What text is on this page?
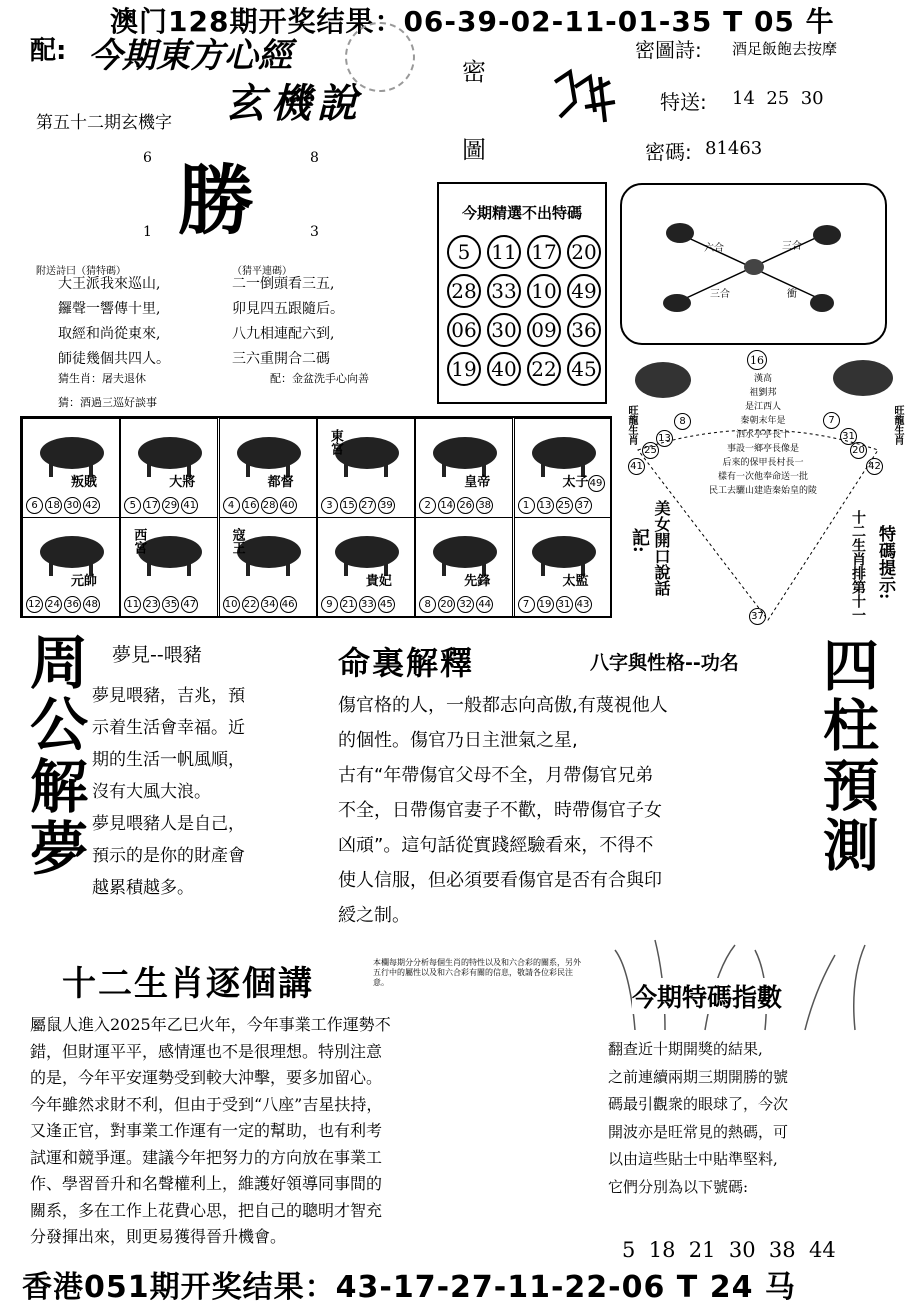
澳门128期开奖结果：06-39-02-11-01-35 T 05 牛
香港051期开奖结果：43-17-27-11-22-06 T 24 马
配: 今期東方心經
玄機說
密
圖
密圖詩: 酒足飯飽去按摩
特送: 14  25  30
密碼: 81463
第五十二期玄機字
6	8
1	3
勝
附送詩曰（猜特碼）
大王派我來巡山,
鑼聲一響傳十里,
取經和尚從東來,
師徒幾個共四人。
猜生肖：屠夫退休
猜：酒過三巡好談事
（猜平連碼）
二一倒頭看三五,
卯見四五跟隨后。
八九相連配六到,
三六重開合二碼
配：金盆洗手心向善
今期精選不出特碼
5	11 17 20
28 33 10 49
06 30 09 36
19 40 22 45
六合	三合
三合	衝
叛賊
6 18 30 42
大將
5 17 29 41
都督
4 16 28 40
東宮
3 15 27 39
皇帝
2 14 26 38
太子
1 13 25 37
49
元帥
12 24 36 48
西宮
11 23 35 47
寇王
10 22 34 46
貴妃
9 21 33 45
先鋒
8 20 32 44
太監
7 19 31 43
16
漢高
祖劉邦
是江西人
秦朝末年是
泗水亭亭長十
事設一鄉亭長像是
后來的保甲長村長一
樣有一次他奉命送一批
民工去驪山建造秦始皇的陵
旺龍生肖	旺龍生肖
8
13
25
41
7
31
20
42
37
記: 美女開口說話	十二生肖排第十一 特碼提示:
周公解夢 夢見--喂豬
夢見喂豬，吉兆，預
示着生活會幸福。近
期的生活一帆風順，
沒有大風大浪。
夢見喂豬人是自己，
預示的是你的財產會
越累積越多。
命裏解釋	八字與性格--功名
傷官格的人，一般都志向高傲,有蔑視他人
的個性。傷官乃日主泄氣之星,
古有“年帶傷官父母不全，月帶傷官兄弟
不全，日帶傷官妻子不歡，時帶傷官子女
凶頑”。這句話從實踐經驗看來，不得不
使人信服，但必須要看傷官是否有合與印
綬之制。
四柱預測
十二生肖逐個講
本欄每期分分析每個生肖的特性以及和六合彩的關系，另外五行中的屬性以及和六合彩有關的信息，敬請各位彩民注意。
屬鼠人進入2025年乙巳火年，今年事業工作運勢不
錯，但財運平平，感情運也不是很理想。特別注意
的是，今年平安運勢受到較大沖擊，要多加留心。
今年雖然求財不利，但由于受到“八座”吉星扶持，
又逢正官，對事業工作運有一定的幫助，也有利考
試運和競爭運。建議今年把努力的方向放在事業工
作、學習晉升和名聲權利上，維護好領導同事間的
關系，多在工作上花費心思，把自己的聰明才智充
分發揮出來，則更易獲得晉升機會。
今期特碼指數
翻查近十期開獎的結果,
之前連續兩期三期開勝的號
碼最引觀衆的眼球了，今次
開波亦是旺常見的熱碼，可
以由這些貼士中貼準堅料,
它們分別為以下號碼:
5  18  21  30  38  44
